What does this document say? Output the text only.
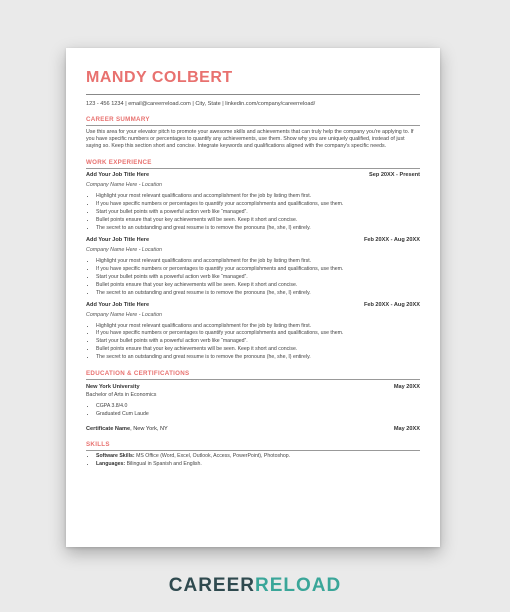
MANDY COLBERT
123 - 456 1234 | email@careerreload.com | City, State | linkedin.com/company/careerreload/
CAREER SUMMARY
Use this area for your elevator pitch to promote your awesome skills and achievements that can truly help the company you're applying to. If you have specific numbers or percentages to quantify any achievements, use them. Show why you are uniquely qualified, instead of just saying so. Keep this section short and concise. Integrate keywords and qualifications aligned with the company's specific needs.
WORK EXPERIENCE
Add Your Job Title Here	Sep 20XX - Present
Company Name Here - Location
• Highlight your most relevant qualifications and accomplishment for the job by listing them first.
• If you have specific numbers or percentages to quantify your accomplishments and qualifications, use them.
• Start your bullet points with a powerful action verb like “managed”.
• Bullet points ensure that your key achievements will be seen. Keep it short and concise.
• The secret to an outstanding and great resume is to remove the pronouns (he, she, I) entirely.
Add Your Job Title Here	Feb 20XX - Aug 20XX
Company Name Here - Location
• Highlight your most relevant qualifications and accomplishment for the job by listing them first.
• If you have specific numbers or percentages to quantify your accomplishments and qualifications, use them.
• Start your bullet points with a powerful action verb like “managed”.
• Bullet points ensure that your key achievements will be seen. Keep it short and concise.
• The secret to an outstanding and great resume is to remove the pronouns (he, she, I) entirely.
Add Your Job Title Here	Feb 20XX - Aug 20XX
Company Name Here - Location
• Highlight your most relevant qualifications and accomplishment for the job by listing them first.
• If you have specific numbers or percentages to quantify your accomplishments and qualifications, use them.
• Start your bullet points with a powerful action verb like “managed”.
• Bullet points ensure that your key achievements will be seen. Keep it short and concise.
• The secret to an outstanding and great resume is to remove the pronouns (he, she, I) entirely.
EDUCATION & CERTIFICATIONS
New York University	May 20XX
Bachelor of Arts in Economics
• CGPA 3.8/4.0
• Graduated Cum Laude
Certificate Name, New York, NY	May 20XX
SKILLS
• Software Skills: MS Office (Word, Excel, Outlook, Access, PowerPoint), Photoshop.
• Languages: Bilingual in Spanish and English.
CAREERRELOAD
